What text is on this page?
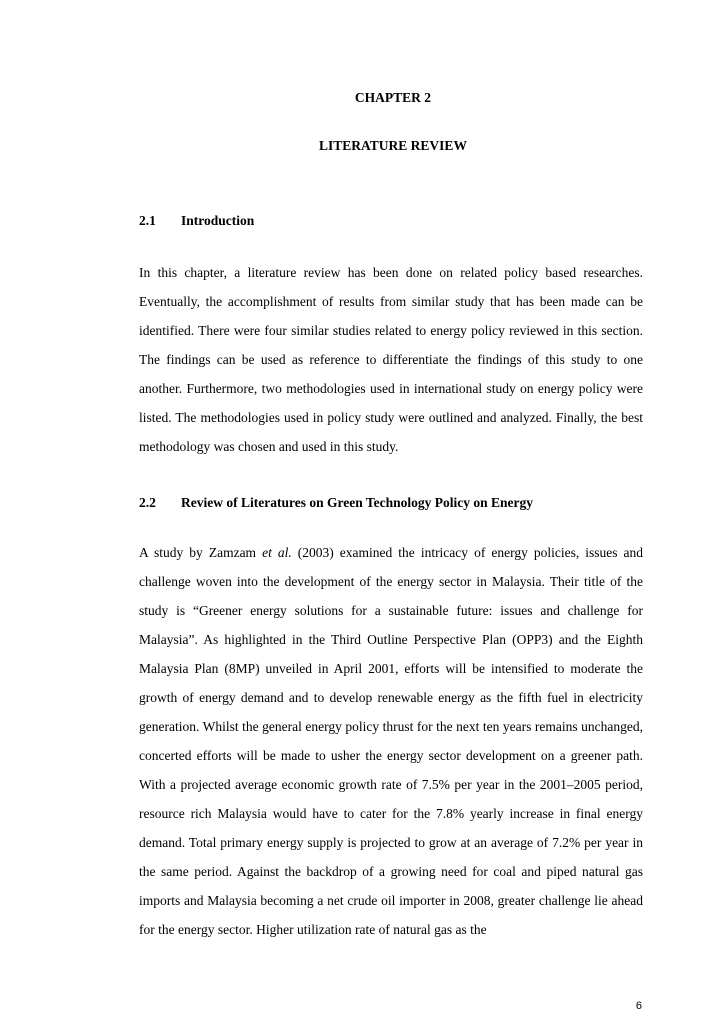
CHAPTER 2

LITERATURE REVIEW

2.1 Introduction

In this chapter, a literature review has been done on related policy based researches. Eventually, the accomplishment of results from similar study that has been made can be identified. There were four similar studies related to energy policy reviewed in this section. The findings can be used as reference to differentiate the findings of this study to one another. Furthermore, two methodologies used in international study on energy policy were listed. The methodologies used in policy study were outlined and analyzed. Finally, the best methodology was chosen and used in this study.

2.2 Review of Literatures on Green Technology Policy on Energy

A study by Zamzam et al. (2003) examined the intricacy of energy policies, issues and challenge woven into the development of the energy sector in Malaysia. Their title of the study is “Greener energy solutions for a sustainable future: issues and challenge for Malaysia”. As highlighted in the Third Outline Perspective Plan (OPP3) and the Eighth Malaysia Plan (8MP) unveiled in April 2001, efforts will be intensified to moderate the growth of energy demand and to develop renewable energy as the fifth fuel in electricity generation. Whilst the general energy policy thrust for the next ten years remains unchanged, concerted efforts will be made to usher the energy sector development on a greener path. With a projected average economic growth rate of 7.5% per year in the 2001–2005 period, resource rich Malaysia would have to cater for the 7.8% yearly increase in final energy demand. Total primary energy supply is projected to grow at an average of 7.2% per year in the same period. Against the backdrop of a growing need for coal and piped natural gas imports and Malaysia becoming a net crude oil importer in 2008, greater challenge lie ahead for the energy sector. Higher utilization rate of natural gas as the

6
